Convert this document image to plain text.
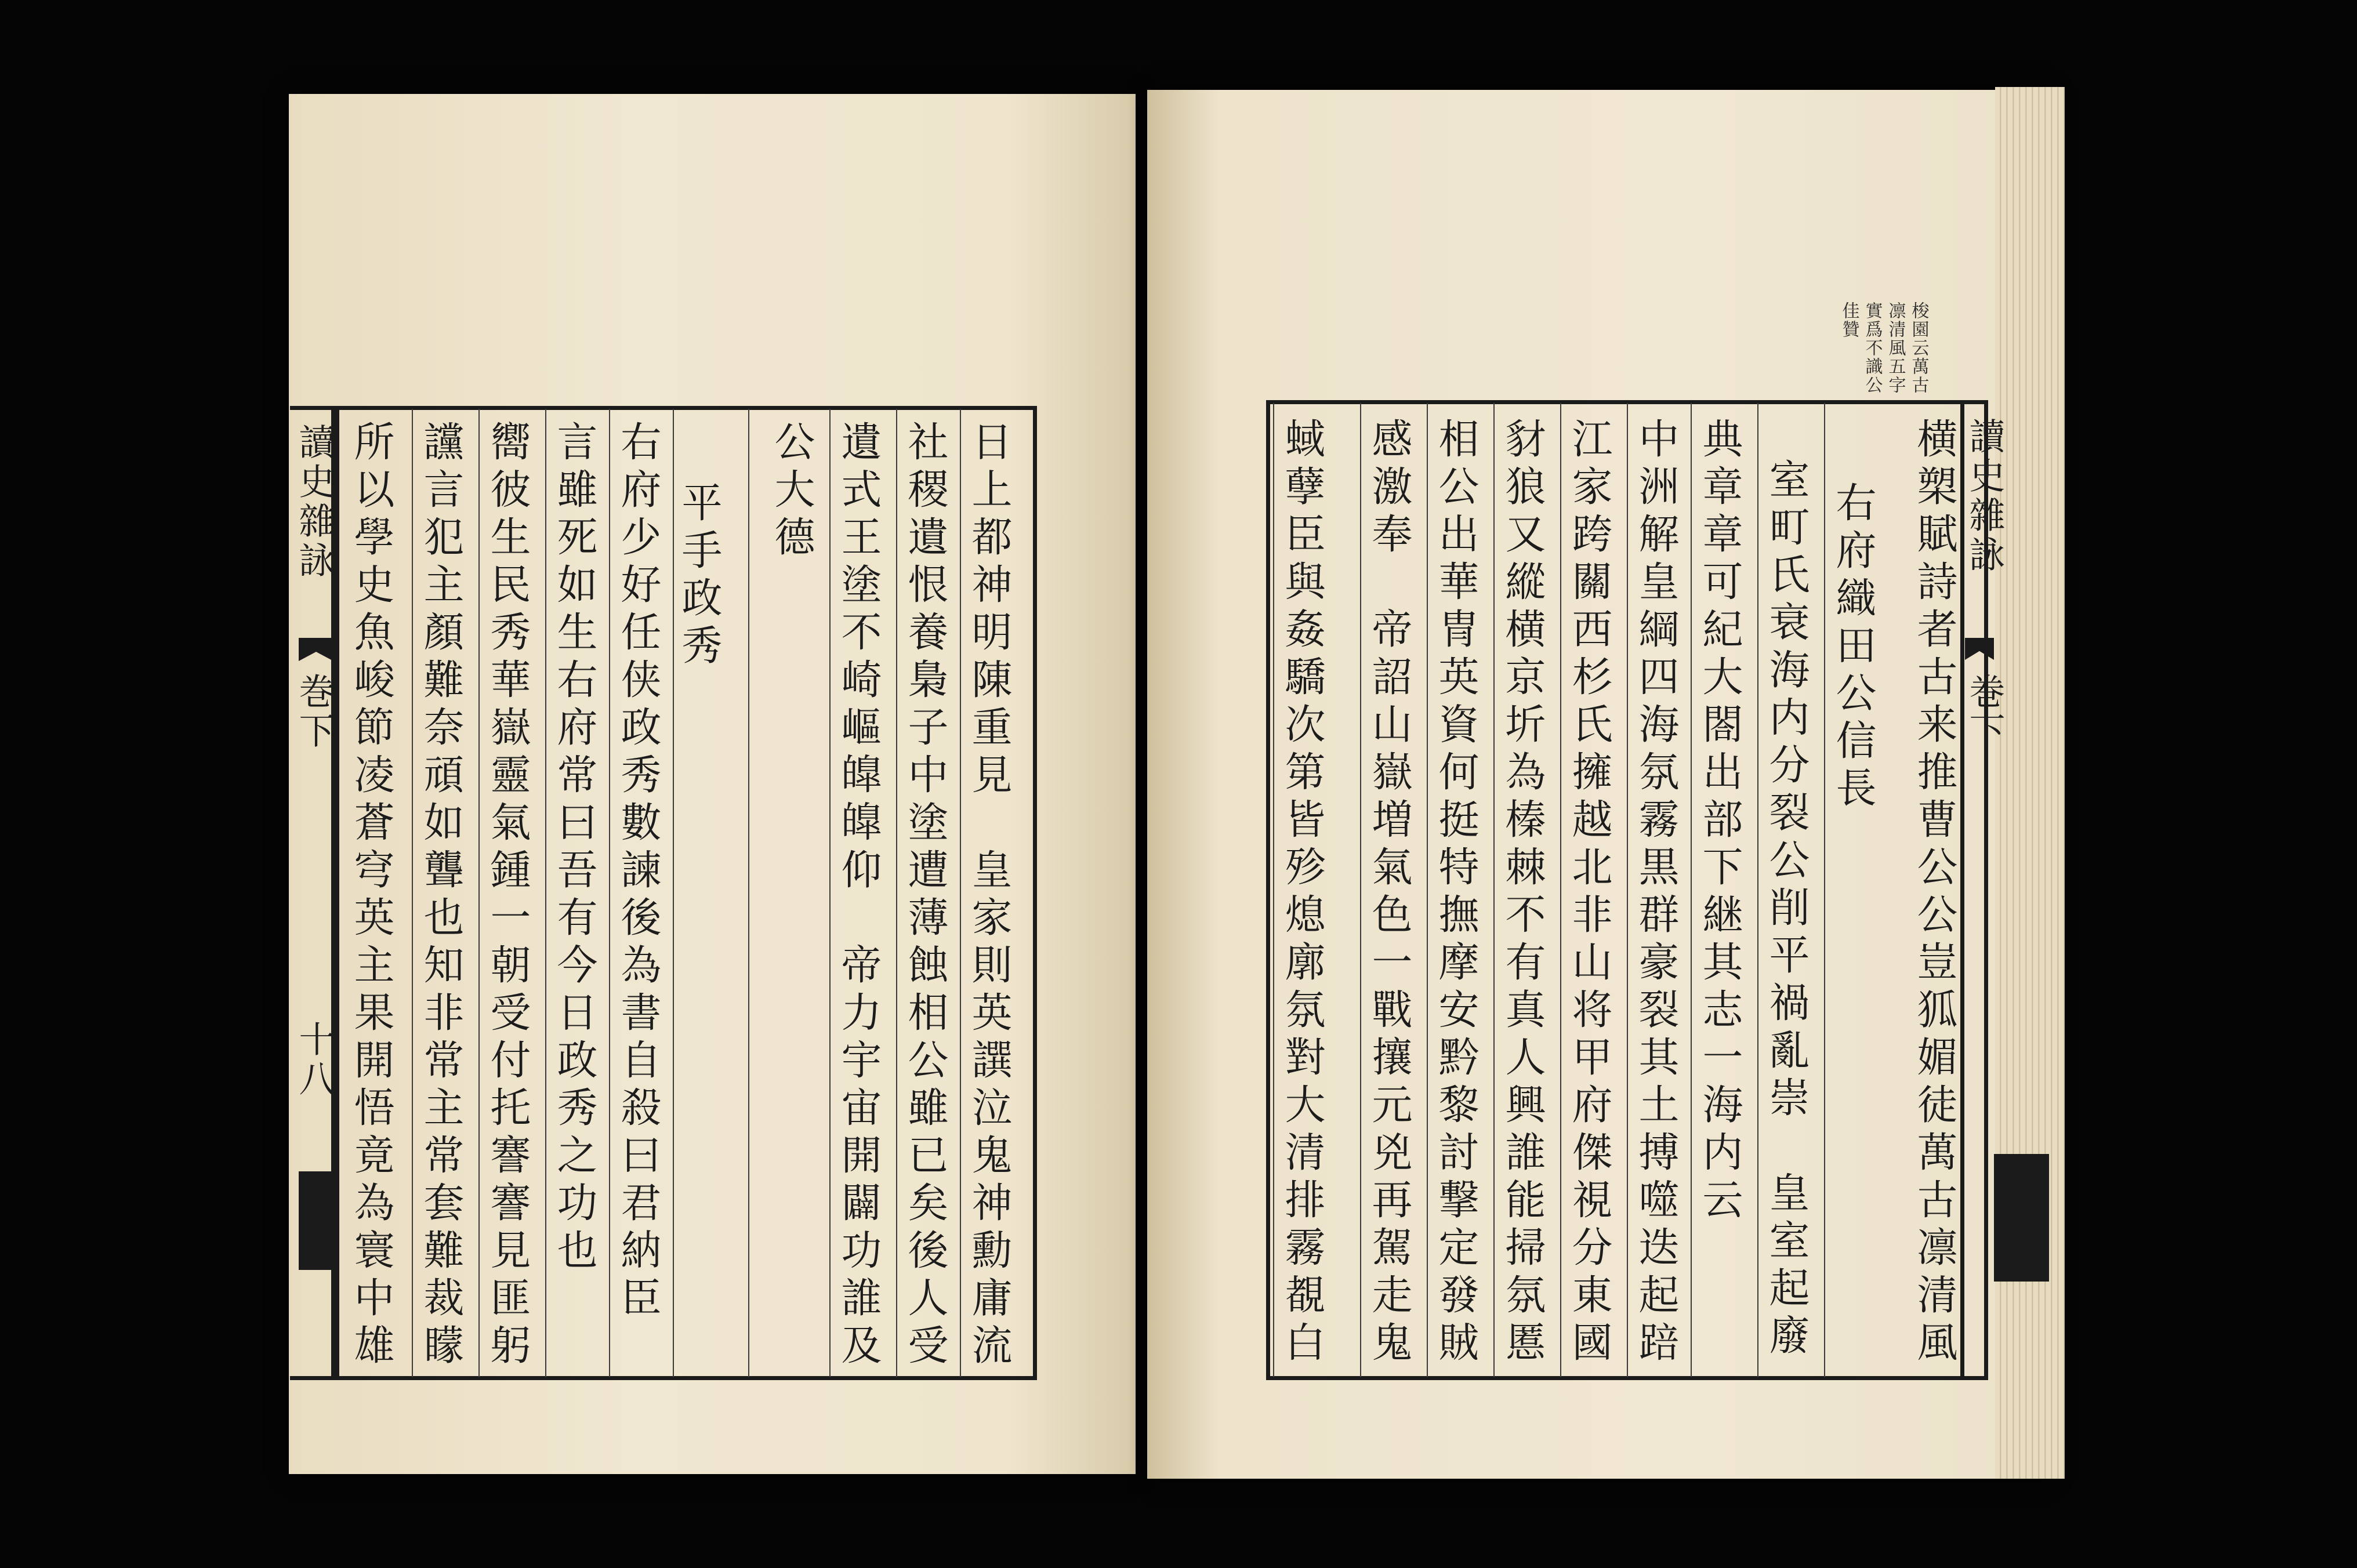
讀史雜詠
巻下
十八	日上都神明陳重見　皇家則英譔泣鬼神勳庸流
社稷遺恨養梟子中塗遭薄蝕相公雖已矣後人受
遺式王塗不崎嶇皥皥仰　帝力宇宙開闢功誰及
公大德
平手政秀
右府少好任侠政秀數諫後為書自殺曰君納臣
言雖死如生右府常曰吾有今日政秀之功也
嚮彼生民秀華嶽靈氣鍾一朝受付托謇謇見匪躬
讜言犯主顏難奈頑如聾也知非常主常套難裁矇
所以學史魚峻節凌蒼穹英主果開悟竟為寰中雄
梭園云萬古
凛清風五字
實爲不識公
佳贊
讀史雜詠
巻下
横槊賦詩者古来推曹公公豈狐媚徒萬古凛清風
右府織田公信長
室町氏衰海内分裂公削平禍亂崇　皇室起廢
典章章可紀大閤出部下継其志一海内云
中洲解皇綱四海氛霧黒群豪裂其土搏噬迭起踣
江家跨關西杉氏擁越北非山将甲府傑視分東國
豺狼又縱横京圻為榛棘不有真人興誰能掃氛慝
相公出華冑英資何挺特撫摩安黔黎討撃定發賊
感激奉　帝詔山嶽増氣色一戰攘元兇再駕走鬼
蜮孽臣與姦驕次第皆殄熄廓氛對大清排霧覩白
